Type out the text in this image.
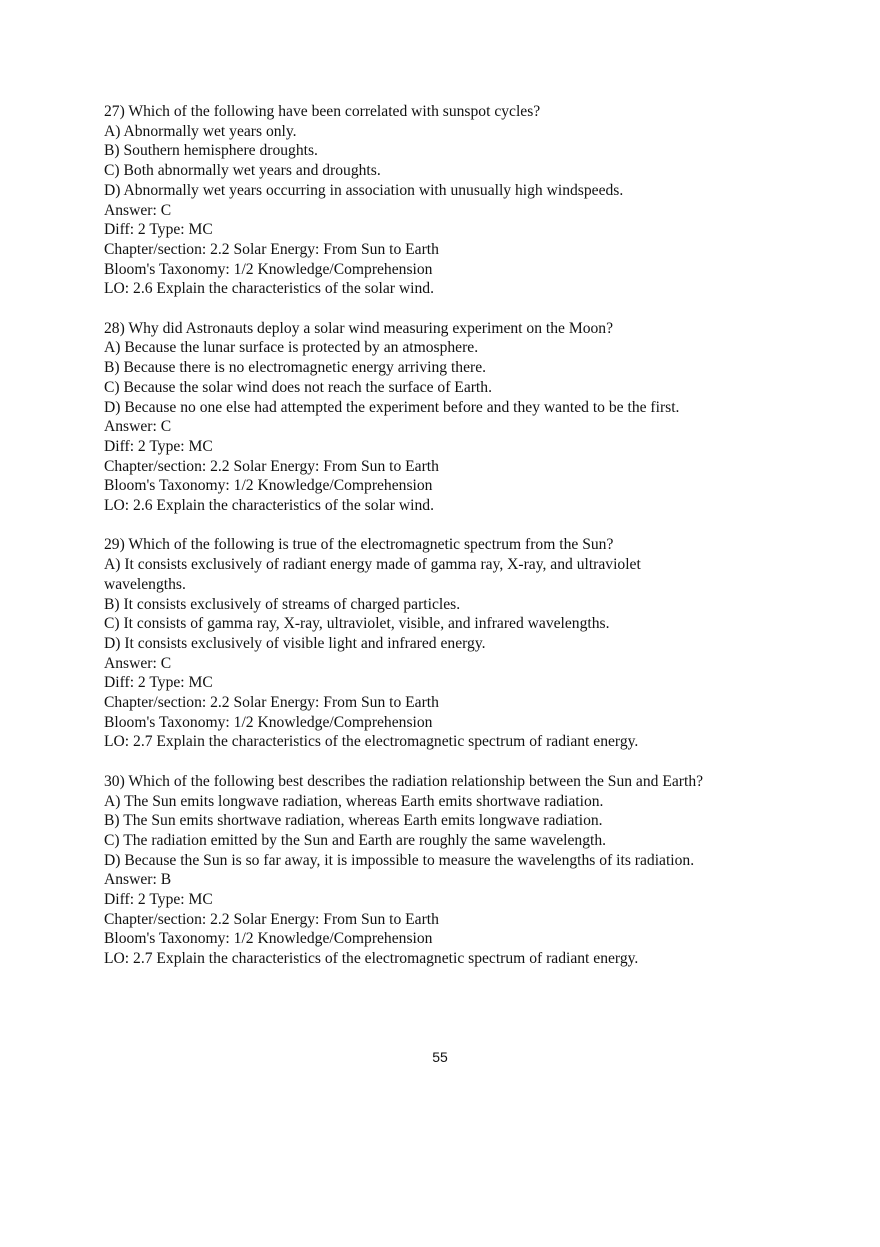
27) Which of the following have been correlated with sunspot cycles?
A) Abnormally wet years only.
B) Southern hemisphere droughts.
C) Both abnormally wet years and droughts.
D) Abnormally wet years occurring in association with unusually high windspeeds.
Answer: C
Diff: 2 Type: MC
Chapter/section: 2.2 Solar Energy: From Sun to Earth
Bloom's Taxonomy: 1/2 Knowledge/Comprehension
LO: 2.6 Explain the characteristics of the solar wind.
28) Why did Astronauts deploy a solar wind measuring experiment on the Moon?
A) Because the lunar surface is protected by an atmosphere.
B) Because there is no electromagnetic energy arriving there.
C) Because the solar wind does not reach the surface of Earth.
D) Because no one else had attempted the experiment before and they wanted to be the first.
Answer: C
Diff: 2 Type: MC
Chapter/section: 2.2 Solar Energy: From Sun to Earth
Bloom's Taxonomy: 1/2 Knowledge/Comprehension
LO: 2.6 Explain the characteristics of the solar wind.
29) Which of the following is true of the electromagnetic spectrum from the Sun?
A) It consists exclusively of radiant energy made of gamma ray, X-ray, and ultraviolet wavelengths.
B) It consists exclusively of streams of charged particles.
C) It consists of gamma ray, X-ray, ultraviolet, visible, and infrared wavelengths.
D) It consists exclusively of visible light and infrared energy.
Answer: C
Diff: 2 Type: MC
Chapter/section: 2.2 Solar Energy: From Sun to Earth
Bloom's Taxonomy: 1/2 Knowledge/Comprehension
LO: 2.7 Explain the characteristics of the electromagnetic spectrum of radiant energy.
30) Which of the following best describes the radiation relationship between the Sun and Earth?
A) The Sun emits longwave radiation, whereas Earth emits shortwave radiation.
B) The Sun emits shortwave radiation, whereas Earth emits longwave radiation.
C) The radiation emitted by the Sun and Earth are roughly the same wavelength.
D) Because the Sun is so far away, it is impossible to measure the wavelengths of its radiation.
Answer: B
Diff: 2 Type: MC
Chapter/section: 2.2 Solar Energy: From Sun to Earth
Bloom's Taxonomy: 1/2 Knowledge/Comprehension
LO: 2.7 Explain the characteristics of the electromagnetic spectrum of radiant energy.
55
